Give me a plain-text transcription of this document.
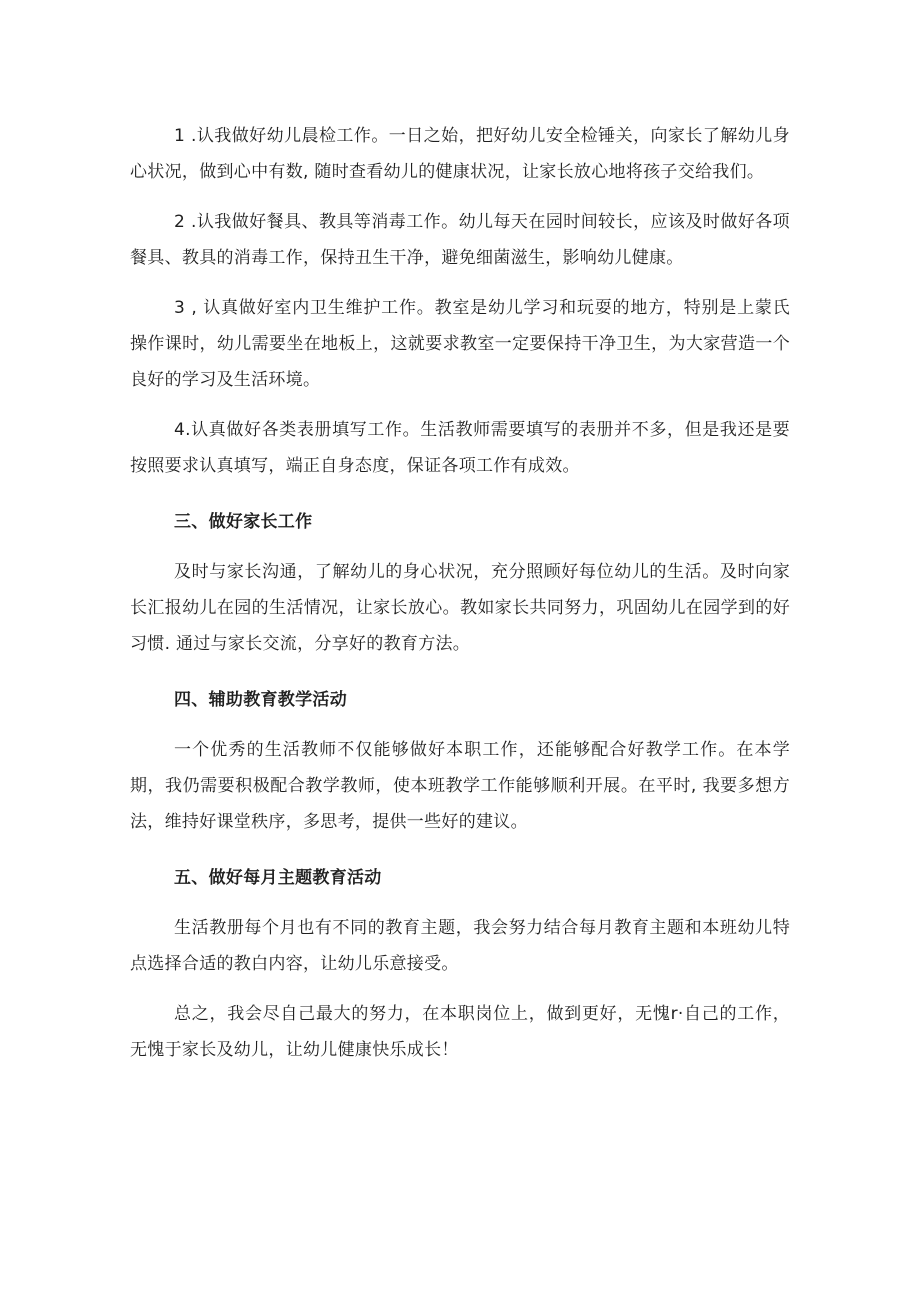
1 .认我做好幼儿晨检工作。一日之始，把好幼儿安全检锤关，向家长了解幼儿身心状况，做到心中有数, 随时查看幼儿的健康状况，让家长放心地将孩子交给我们。

2 .认我做好餐具、教具等消毒工作。幼儿每天在园时间较长，应该及时做好各项餐具、教具的消毒工作，保持丑生干净，避免细菌滋生，影响幼儿健康。

3 , 认真做好室内卫生维护工作。教室是幼儿学习和玩耍的地方，特别是上蒙氏操作课时，幼儿需要坐在地板上，这就要求教室一定要保持干净卫生，为大家营造一个良好的学习及生活环境。

4.认真做好各类表册填写工作。生活教师需要填写的表册并不多，但是我还是要按照要求认真填写，端正自身态度，保证各项工作有成效。

三、做好家长工作

及时与家长沟通，了解幼儿的身心状况，充分照顾好每位幼儿的生活。及时向家长汇报幼儿在园的生活情况，让家长放心。教如家长共同努力，巩固幼儿在园学到的好习惯. 通过与家长交流，分享好的教育方法。

四、辅助教育教学活动

一个优秀的生活教师不仅能够做好本职工作，还能够配合好教学工作。在本学期，我仍需要积极配合教学教师，使本班教学工作能够顺利开展。在平时, 我要多想方法，维持好课堂秩序，多思考，提供一些好的建议。

五、做好每月主题教育活动

生活教册每个月也有不同的教育主题，我会努力结合每月教育主题和本班幼儿特点选择合适的教白内容，让幼儿乐意接受。

总之，我会尽自己最大的努力，在本职岗位上，做到更好，无愧r·自己的工作，无愧于家长及幼儿，让幼儿健康快乐成长！
